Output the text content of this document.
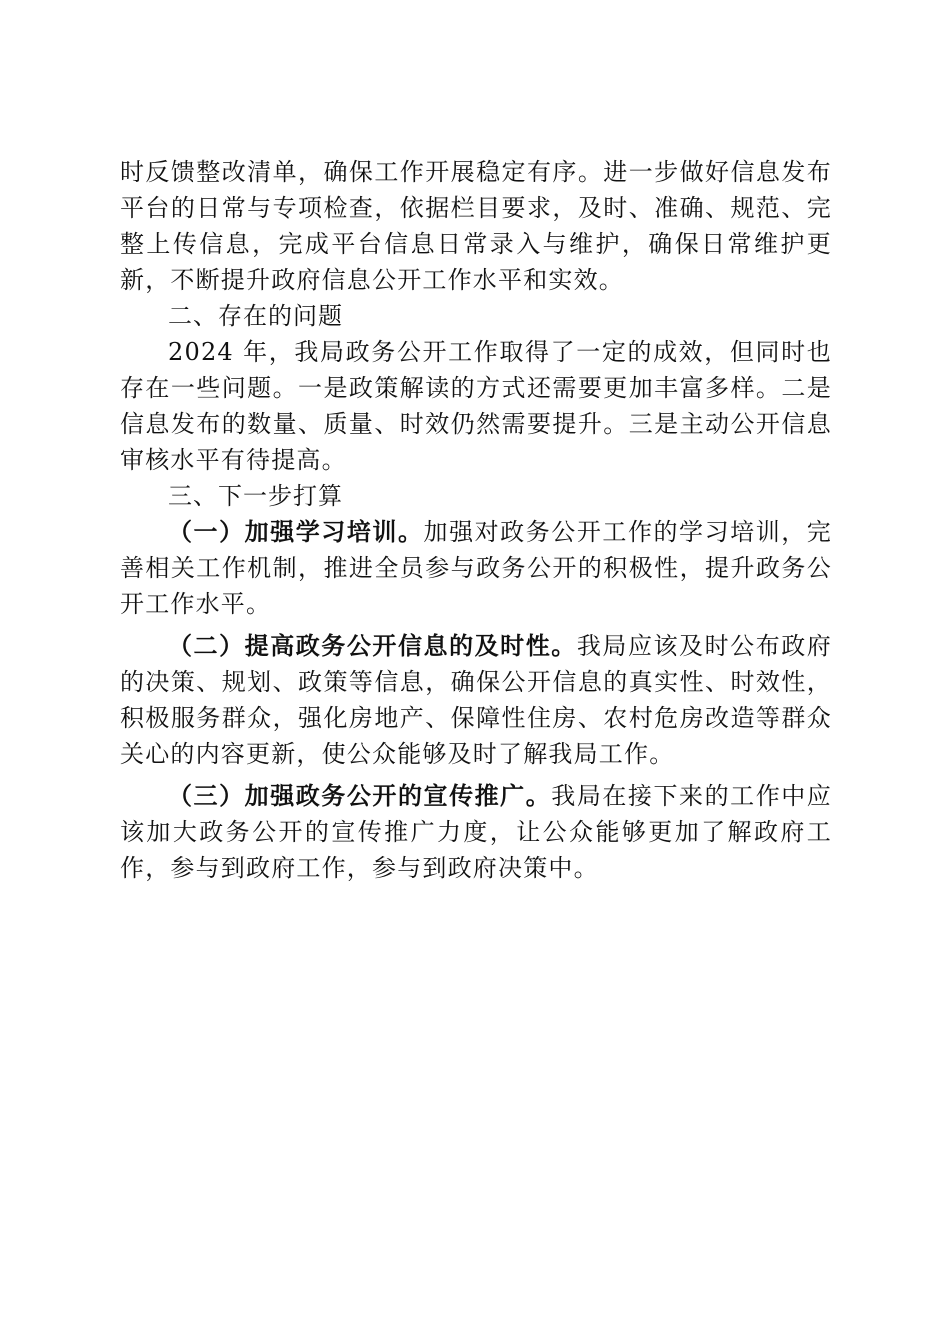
时反馈整改清单，确保工作开展稳定有序。进一步做好信息发布平台的日常与专项检查，依据栏目要求，及时、准确、规范、完整上传信息，完成平台信息日常录入与维护，确保日常维护更新，不断提升政府信息公开工作水平和实效。

二、存在的问题

2024 年，我局政务公开工作取得了一定的成效，但同时也存在一些问题。一是政策解读的方式还需要更加丰富多样。二是信息发布的数量、质量、时效仍然需要提升。三是主动公开信息审核水平有待提高。

三、下一步打算

（一）加强学习培训。加强对政务公开工作的学习培训，完善相关工作机制，推进全员参与政务公开的积极性，提升政务公开工作水平。

（二）提高政务公开信息的及时性。我局应该及时公布政府的决策、规划、政策等信息，确保公开信息的真实性、时效性，积极服务群众，强化房地产、保障性住房、农村危房改造等群众关心的内容更新，使公众能够及时了解我局工作。

（三）加强政务公开的宣传推广。我局在接下来的工作中应该加大政务公开的宣传推广力度，让公众能够更加了解政府工作，参与到政府工作，参与到政府决策中。
